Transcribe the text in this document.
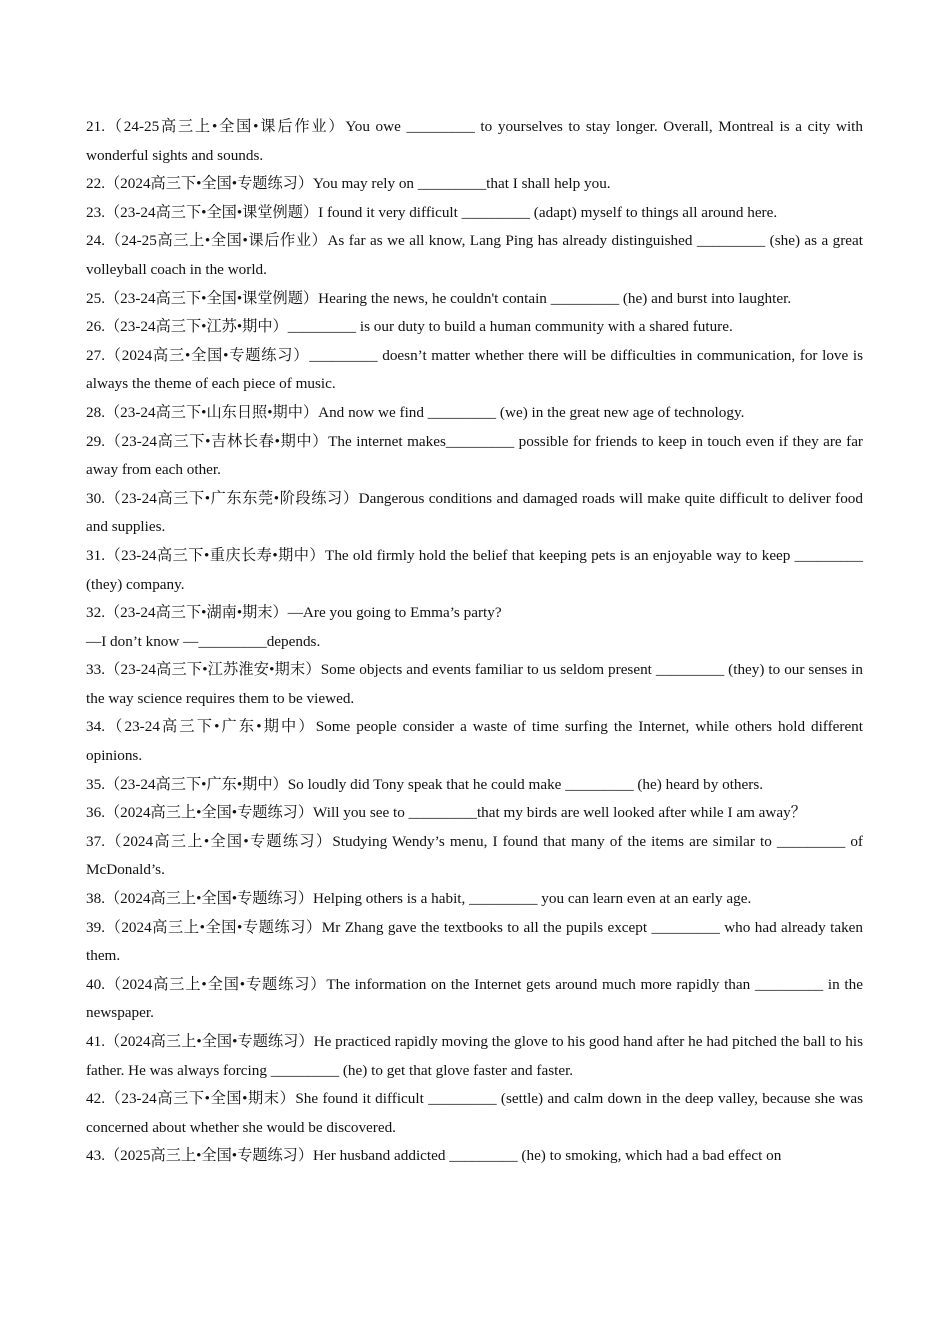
21.（24-25高三上•全国•课后作业）You owe _________ to yourselves to stay longer. Overall, Montreal is a city with wonderful sights and sounds.

22.（2024高三下•全国•专题练习）You may rely on _________that I shall help you.

23.（23-24高三下•全国•课堂例题）I found it very difficult _________ (adapt) myself to things all around here.

24.（24-25高三上•全国•课后作业）As far as we all know, Lang Ping has already distinguished _________ (she) as a great volleyball coach in the world.

25.（23-24高三下•全国•课堂例题）Hearing the news, he couldn't contain _________ (he) and burst into laughter.

26.（23-24高三下•江苏•期中）_________ is our duty to build a human community with a shared future.

27.（2024高三•全国•专题练习）_________ doesn’t matter whether there will be difficulties in communication, for love is always the theme of each piece of music.

28.（23-24高三下•山东日照•期中）And now we find _________ (we) in the great new age of technology.

29.（23-24高三下•吉林长春•期中）The internet makes_________ possible for friends to keep in touch even if they are far away from each other.

30.（23-24高三下•广东东莞•阶段练习）Dangerous conditions and damaged roads will make quite difficult to deliver food and supplies.

31.（23-24高三下•重庆长寿•期中）The old firmly hold the belief that keeping pets is an enjoyable way to keep _________ (they) company.

32.（23-24高三下•湖南•期末）—Are you going to Emma’s party?

—I don’t know —_________depends.

33.（23-24高三下•江苏淮安•期末）Some objects and events familiar to us seldom present _________ (they) to our senses in the way science requires them to be viewed.

34.（23-24高三下•广东•期中）Some people consider a waste of time surfing the Internet, while others hold different opinions.

35.（23-24高三下•广东•期中）So loudly did Tony speak that he could make _________ (he) heard by others.

36.（2024高三上•全国•专题练习）Will you see to _________that my birds are well looked after while I am away？

37.（2024高三上•全国•专题练习）Studying Wendy’s menu, I found that many of the items are similar to _________ of McDonald’s.

38.（2024高三上•全国•专题练习）Helping others is a habit, _________ you can learn even at an early age.

39.（2024高三上•全国•专题练习）Mr Zhang gave the textbooks to all the pupils except _________ who had already taken them.

40.（2024高三上•全国•专题练习）The information on the Internet gets around much more rapidly than _________ in the newspaper.

41.（2024高三上•全国•专题练习）He practiced rapidly moving the glove to his good hand after he had pitched the ball to his father. He was always forcing _________ (he) to get that glove faster and faster.

42.（23-24高三下•全国•期末）She found it difficult _________ (settle) and calm down in the deep valley, because she was concerned about whether she would be discovered.

43.（2025高三上•全国•专题练习）Her husband addicted _________ (he) to smoking, which had a bad effect on
